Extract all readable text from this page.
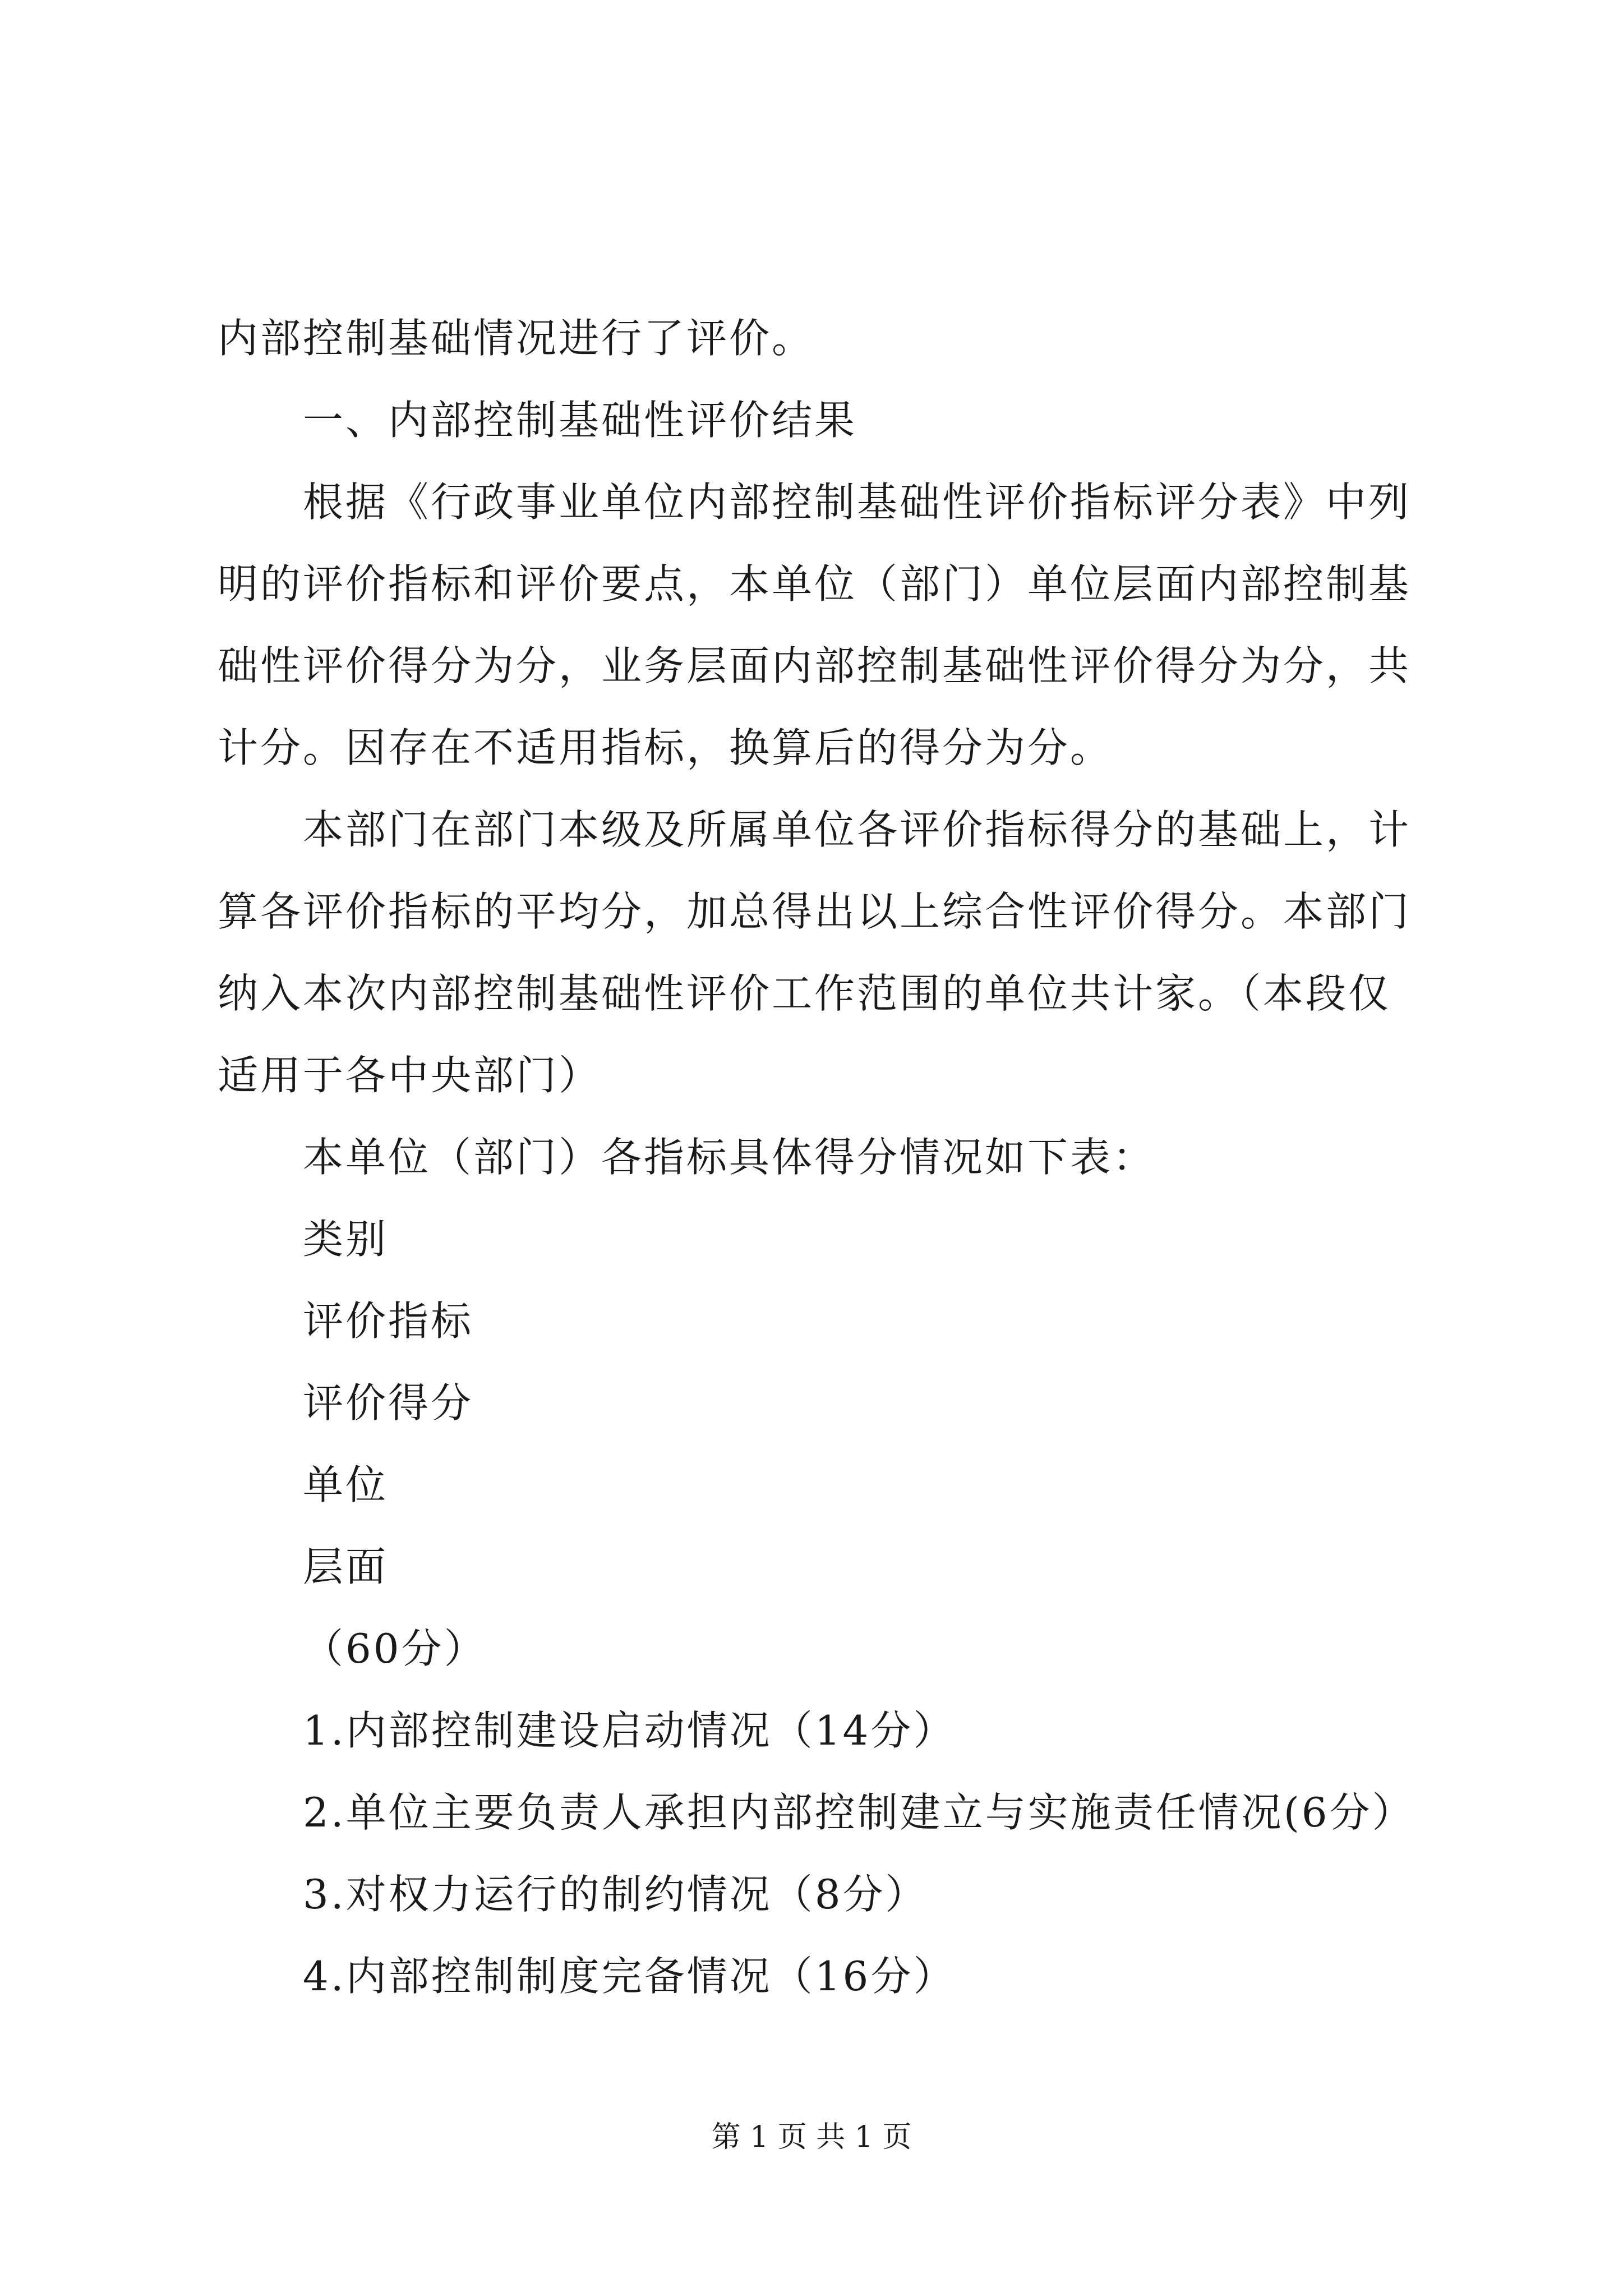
内部控制基础情况进行了评价。
一、内部控制基础性评价结果
根据《行政事业单位内部控制基础性评价指标评分表》中列
明的评价指标和评价要点，本单位（部门）单位层面内部控制基
础性评价得分为分，业务层面内部控制基础性评价得分为分，共
计分。因存在不适用指标，换算后的得分为分。
本部门在部门本级及所属单位各评价指标得分的基础上，计
算各评价指标的平均分，加总得出以上综合性评价得分。本部门
纳入本次内部控制基础性评价工作范围的单位共计家。（本段仅
适用于各中央部门）
本单位（部门）各指标具体得分情况如下表：
类别
评价指标
评价得分
单位
层面
（60分）
1.内部控制建设启动情况（14分）
2.单位主要负责人承担内部控制建立与实施责任情况(6分）
3.对权力运行的制约情况（8分）
4.内部控制制度完备情况（16分）
第 1 页 共 1 页
